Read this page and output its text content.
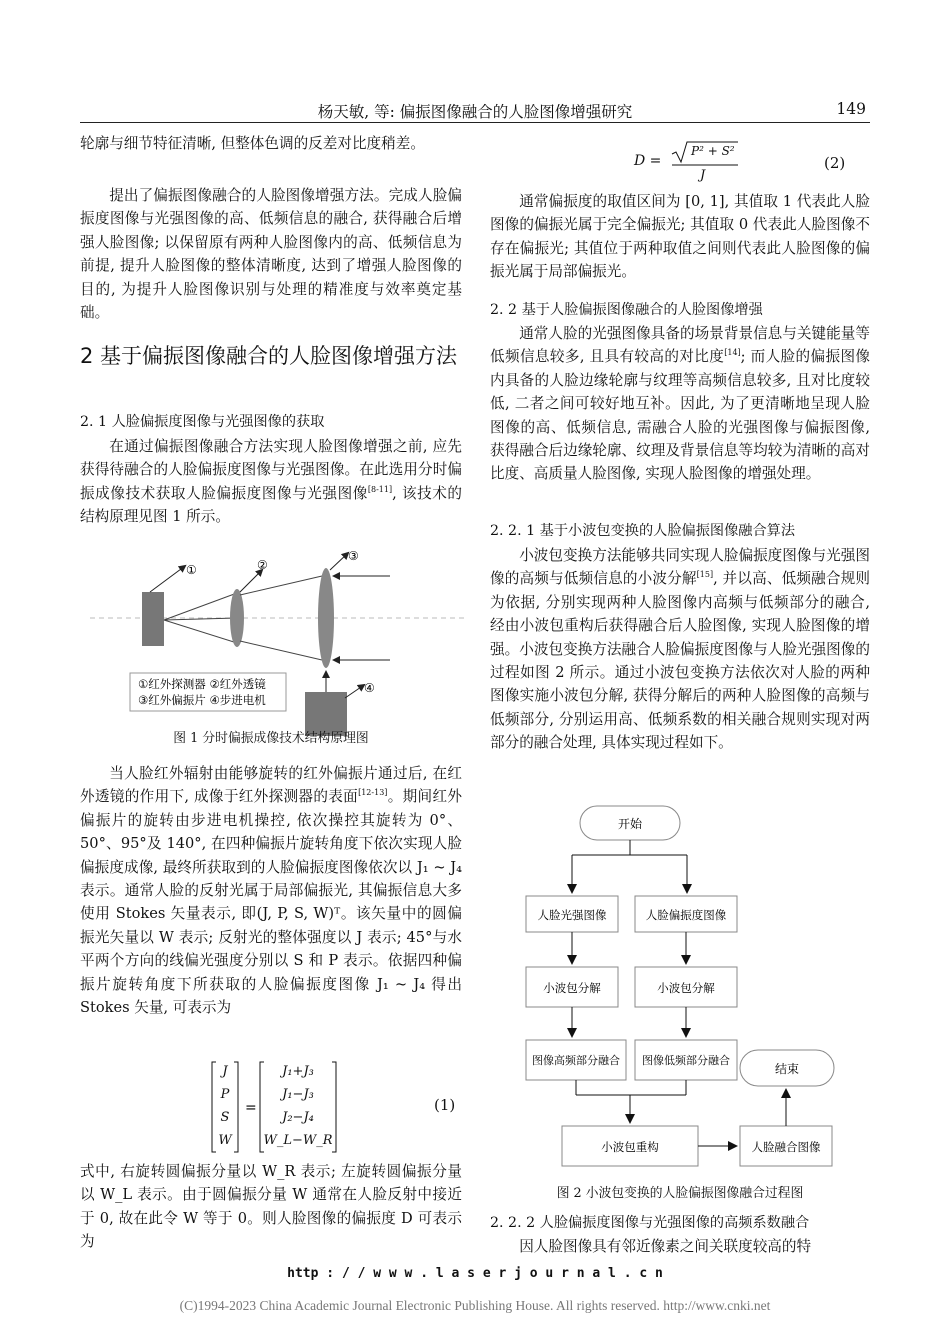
杨天敏, 等: 偏振图像融合的人脸图像增强研究	149

轮廓与细节特征清晰, 但整体色调的反差对比度稍差。

提出了偏振图像融合的人脸图像增强方法。完成人脸偏振度图像与光强图像的高、低频信息的融合, 获得融合后增强人脸图像; 以保留原有两种人脸图像内的高、低频信息为前提, 提升人脸图像的整体清晰度, 达到了增强人脸图像的目的, 为提升人脸图像识别与处理的精准度与效率奠定基础。

2 基于偏振图像融合的人脸图像增强方法
2. 1 人脸偏振度图像与光强图像的获取

在通过偏振图像融合方法实现人脸图像增强之前, 应先获得待融合的人脸偏振度图像与光强图像。在此选用分时偏振成像技术获取人脸偏振度图像与光强图像[8-11], 该技术的结构原理见图 1 所示。

①	②
③
④
①红外探测器 ②红外透镜
③红外偏振片 ④步进电机
图 1 分时偏振成像技术结构原理图

当人脸红外辐射由能够旋转的红外偏振片通过后, 在红外透镜的作用下, 成像于红外探测器的表面[12-13]。期间红外偏振片的旋转由步进电机操控, 依次操控其旋转为 0°、50°、95°及 140°, 在四种偏振片旋转角度下依次实现人脸偏振度成像, 最终所获取到的人脸偏振度图像依次以 J₁ ~ J₄ 表示。通常人脸的反射光属于局部偏振光, 其偏振信息大多使用 Stokes 矢量表示, 即(J, P, S, W)ᵀ。该矢量中的圆偏振光矢量以 W 表示; 反射光的整体强度以 J 表示; 45°与水平两个方向的线偏光强度分别以 S 和 P 表示。依据四种偏振片旋转角度下所获取的人脸偏振度图像 J₁ ~ J₄ 得出 Stokes 矢量, 可表示为

=
J
P
S
W
J₁+J₃
J₁−J₃
J₂−J₄
W_L−W_R
(1)

式中, 右旋转圆偏振分量以 W_R 表示; 左旋转圆偏振分量以 W_L 表示。由于圆偏振分量 W 通常在人脸反射中接近于 0, 故在此令 W 等于 0。则人脸图像的偏振度 D 可表示为

D =
P² + S²
J
(2)

通常偏振度的取值区间为 [0, 1], 其值取 1 代表此人脸图像的偏振光属于完全偏振光; 其值取 0 代表此人脸图像不存在偏振光; 其值位于两种取值之间则代表此人脸图像的偏振光属于局部偏振光。

2. 2 基于人脸偏振图像融合的人脸图像增强

通常人脸的光强图像具备的场景背景信息与关键能量等低频信息较多, 且具有较高的对比度[14]; 而人脸的偏振图像内具备的人脸边缘轮廓与纹理等高频信息较多, 且对比度较低, 二者之间可较好地互补。因此, 为了更清晰地呈现人脸图像的高、低频信息, 需融合人脸的光强图像与偏振图像, 获得融合后边缘轮廓、纹理及背景信息等均较为清晰的高对比度、高质量人脸图像, 实现人脸图像的增强处理。

2. 2. 1 基于小波包变换的人脸偏振图像融合算法

小波包变换方法能够共同实现人脸偏振度图像与光强图像的高频与低频信息的小波分解[15], 并以高、低频融合规则为依据, 分别实现两种人脸图像内高频与低频部分的融合, 经由小波包重构后获得融合后人脸图像, 实现人脸图像的增强。小波包变换方法融合人脸偏振度图像与人脸光强图像的过程如图 2 所示。通过小波包变换方法依次对人脸的两种图像实施小波包分解, 获得分解后的两种人脸图像的高频与低频部分, 分别运用高、低频系数的相关融合规则实现对两部分的融合处理, 具体实现过程如下。

开始
人脸光强图像	人脸偏振度图像
小波包分解	小波包分解
图像高频部分融合 图像低频部分融合
结束
小波包重构	人脸融合图像
图 2 小波包变换的人脸偏振图像融合过程图
2. 2. 2 人脸偏振度图像与光强图像的高频系数融合

因人脸图像具有邻近像素之间关联度较高的特

http : / / w w w . l a s e r j o u r n a l . c n
(C)1994-2023 China Academic Journal Electronic Publishing House. All rights reserved. http://www.cnki.net
